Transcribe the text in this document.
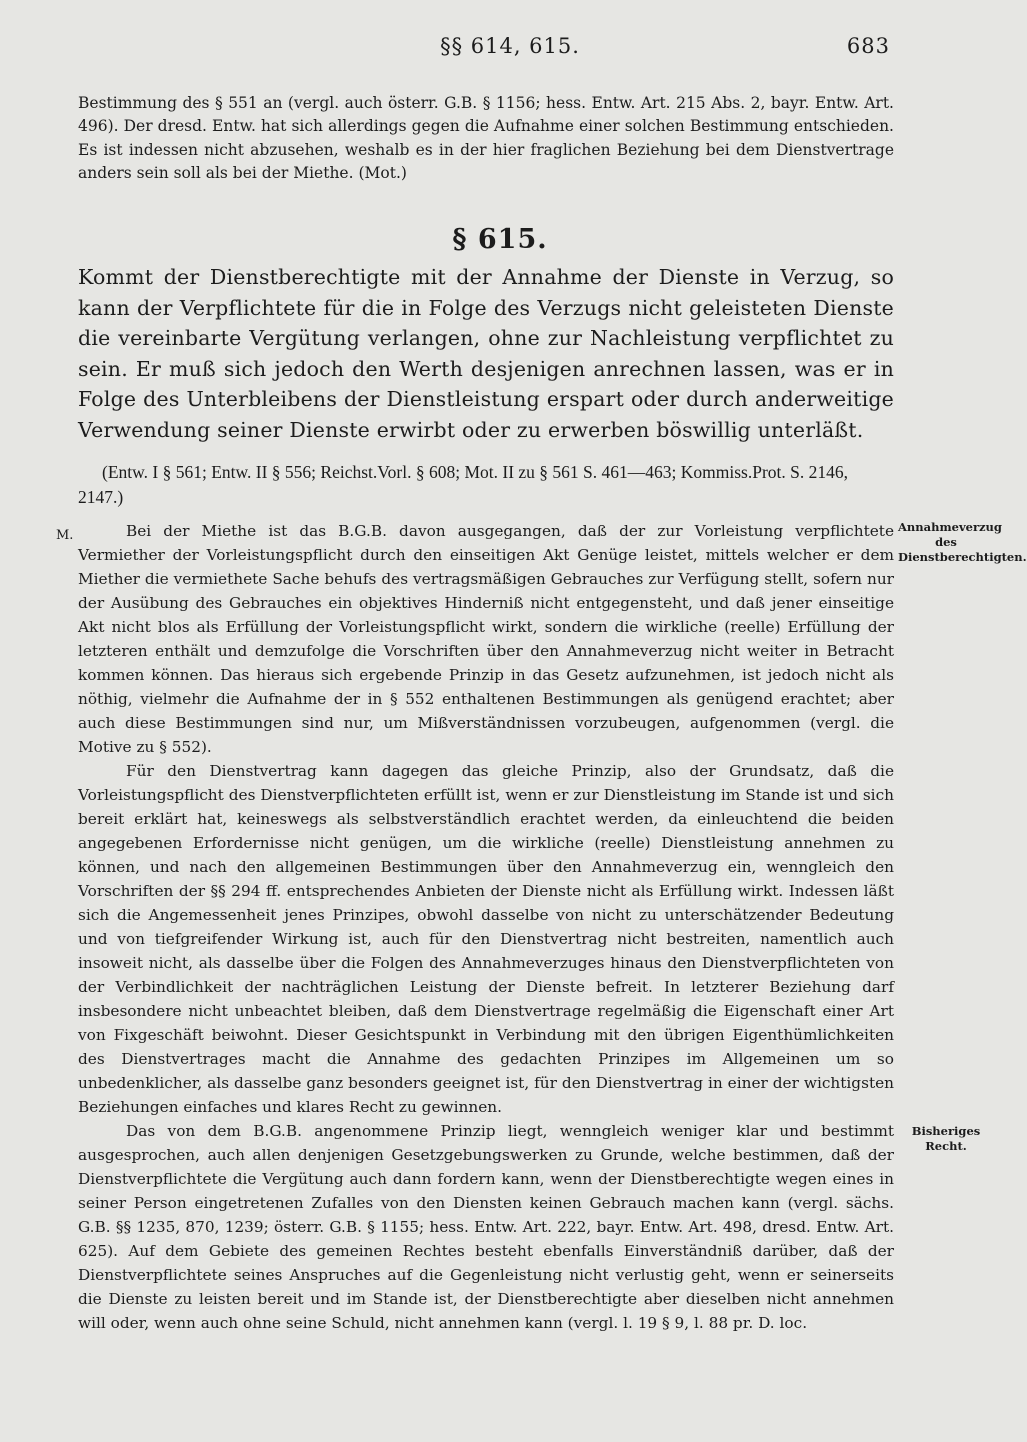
§§ 614, 615.	683
Bestimmung des § 551 an (vergl. auch österr. G.B. § 1156; hess. Entw. Art. 215 Abs. 2, bayr. Entw. Art. 496). Der dresd. Entw. hat sich allerdings gegen die Aufnahme einer solchen Bestimmung entschieden. Es ist indessen nicht abzusehen, weshalb es in der hier fraglichen Beziehung bei dem Dienstvertrage anders sein soll als bei der Miethe. (Mot.)
§ 615.
Kommt der Dienstberechtigte mit der Annahme der Dienste in Verzug, so kann der Verpflichtete für die in Folge des Verzugs nicht geleisteten Dienste die vereinbarte Vergütung verlangen, ohne zur Nachleistung verpflichtet zu sein. Er muß sich jedoch den Werth desjenigen anrechnen lassen, was er in Folge des Unterbleibens der Dienstleistung erspart oder durch anderweitige Verwendung seiner Dienste erwirbt oder zu erwerben böswillig unterläßt.
(Entw. I § 561; Entw. II § 556; Reichst.Vorl. § 608; Mot. II zu § 561 S. 461—463; Kommiss.Prot. S. 2146, 2147.)
M.	Bei der Miethe ist das B.G.B. davon ausgegangen, daß der zur Vorleistung verpflichtete Vermiether der Vorleistungspflicht durch den einseitigen Akt Genüge leistet, mittels welcher er dem Miether die vermiethete Sache behufs des vertragsmäßigen Gebrauches zur Verfügung stellt, sofern nur der Ausübung des Gebrauches ein objektives Hinderniß nicht entgegensteht, und daß jener einseitige Akt nicht blos als Erfüllung der Vorleistungspflicht wirkt, sondern die wirkliche (reelle) Erfüllung der letzteren enthält und demzufolge die Vorschriften über den Annahmeverzug nicht weiter in Betracht kommen können. Das hieraus sich ergebende Prinzip in das Gesetz aufzunehmen, ist jedoch nicht als nöthig, vielmehr die Aufnahme der in § 552 enthaltenen Bestimmungen als genügend erachtet; aber auch diese Bestimmungen sind nur, um Mißverständnissen vorzubeugen, aufgenommen (vergl. die Motive zu § 552).

Für den Dienstvertrag kann dagegen das gleiche Prinzip, also der Grundsatz, daß die Vorleistungspflicht des Dienstverpflichteten erfüllt ist, wenn er zur Dienstleistung im Stande ist und sich bereit erklärt hat, keineswegs als selbstverständlich erachtet werden, da einleuchtend die beiden angegebenen Erfordernisse nicht genügen, um die wirkliche (reelle) Dienstleistung annehmen zu können, und nach den allgemeinen Bestimmungen über den Annahmeverzug ein, wenngleich den Vorschriften der §§ 294 ff. entsprechendes Anbieten der Dienste nicht als Erfüllung wirkt. Indessen läßt sich die Angemessenheit jenes Prinzipes, obwohl dasselbe von nicht zu unterschätzender Bedeutung und von tiefgreifender Wirkung ist, auch für den Dienstvertrag nicht bestreiten, namentlich auch insoweit nicht, als dasselbe über die Folgen des Annahmeverzuges hinaus den Dienstverpflichteten von der Verbindlichkeit der nachträglichen Leistung der Dienste befreit. In letzterer Beziehung darf insbesondere nicht unbeachtet bleiben, daß dem Dienstvertrage regelmäßig die Eigenschaft einer Art von Fixgeschäft beiwohnt. Dieser Gesichtspunkt in Verbindung mit den übrigen Eigenthümlichkeiten des Dienstvertrages macht die Annahme des gedachten Prinzipes im Allgemeinen um so unbedenklicher, als dasselbe ganz besonders geeignet ist, für den Dienstvertrag in einer der wichtigsten Beziehungen einfaches und klares Recht zu gewinnen.

Das von dem B.G.B. angenommene Prinzip liegt, wenngleich weniger klar und bestimmt ausgesprochen, auch allen denjenigen Gesetzgebungswerken zu Grunde, welche bestimmen, daß der Dienstverpflichtete die Vergütung auch dann fordern kann, wenn der Dienstberechtigte wegen eines in seiner Person eingetretenen Zufalles von den Diensten keinen Gebrauch machen kann (vergl. sächs. G.B. §§ 1235, 870, 1239; österr. G.B. § 1155; hess. Entw. Art. 222, bayr. Entw. Art. 498, dresd. Entw. Art. 625). Auf dem Gebiete des gemeinen Rechtes besteht ebenfalls Einverständniß darüber, daß der Dienstverpflichtete seines Anspruches auf die Gegenleistung nicht verlustig geht, wenn er seinerseits die Dienste zu leisten bereit und im Stande ist, der Dienstberechtigte aber dieselben nicht annehmen will oder, wenn auch ohne seine Schuld, nicht annehmen kann (vergl. l. 19 § 9, l. 88 pr. D. loc.

Annahmeverzug des Dienstberechtigten.
Bisheriges Recht.
